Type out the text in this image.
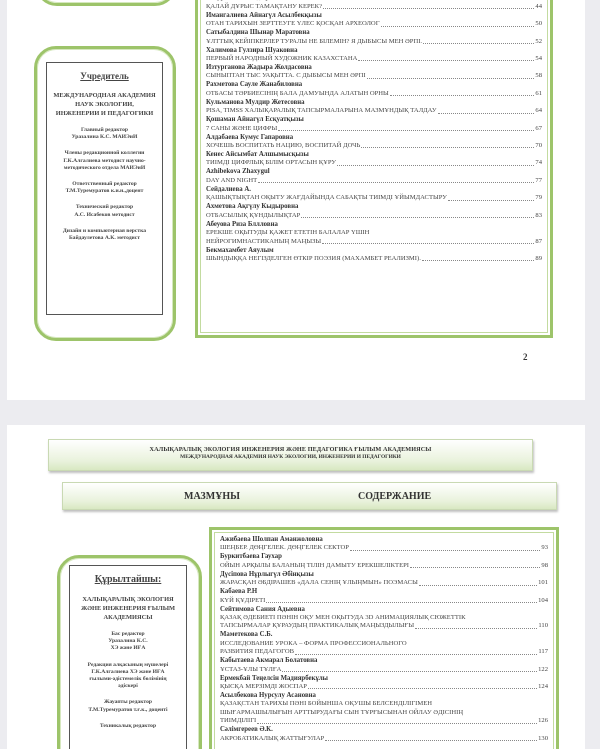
Учредитель
МЕЖДУНАРОДНАЯ АКАДЕМИЯ НАУК ЭКОЛОГИИ, ИНЖЕНЕРИИ И ПЕДАГОГИКИ
Главный редактор
Уразалина К.С. МАИЭиИ
Члены редакционной коллегии
Г.К.Алгалиева методист научно-
методического отдела МАИЭиИ
Ответственный редактор
Т.М.Туремуратов к.и.н.,доцент
Технический редактор
А.С. Исабеков методист
Дизайн и компьютерная верстка
Байдаулетова А.К. методист
ҚАЛАЙ ДҰРЫС ТАМАҚТАНУ КЕРЕК?	44
Имангалиева Айнагүл Асылбекқызы
ОТАН ТАРИХЫН ЗЕРТТЕУГЕ ҮЛЕС ҚОСҚАН АРХЕОЛОГ	50
Сатыбалдина Шынар Маратовна
ҰЛТТЫҚ КЕЙІПКЕРЛЕР ТУРАЛЫ НЕ БІЛЕМІН? Я ДЫБЫСЫ МЕН ӘРПІ.	52
Халимова Гулзира Шуаковна
ПЕРВЫЙ НАРОДНЫЙ ХУДОЖНИК КАЗАХСТАНА	54
Изтурганова Жадыра Жолдасовна
СЫНЫПТАН ТЫС УАҚЫТТА. С ДЫБЫСЫ МЕН ӘРПІ	58
Рахметова Сауле Жанабиловна
ОТБАСЫ ТӘРБИЕСІНІҢ БАЛА ДАМУЫНДА АЛАТЫН ОРНЫ	61
Кульманова Мулдир Жетесовна
PISA, TIMSS ХАЛЫҚАРАЛЫҚ ТАПСЫРМАЛАРЫНА МАЗМҰНДЫҚ ТАЛДАУ	64
Қошаман Айнагүл Есқуатқызы
7 САНЫ ЖӘНЕ ЦИФРЫ	67
Алдабаева Кумус Гапаровна
ХОЧЕШЬ ВОСПИТАТЬ НАЦИЮ, ВОСПИТАЙ ДОЧЬ	70
Кенес Айсымбат Алшымысқызы
ТИІМДІ ЦИФРЛЫҚ БІЛІМ ОРТАСЫН ҚҰРУ	74
Azhibekova Zhaxygul
DAY AND NIGHT	77
Сейдалиева А.
ҚАШЫҚТЫҚТАН ОҚЫТУ ЖАҒДАЙЫНДА САБАҚТЫ ТИІМДІ ҰЙЫМДАСТЫРУ	79
Ахметова Ақгүлу Кыдыровна
ОТБАСЫЛЫҚ ҚҰНДЫЛЫҚТАР	83
Абеуова Риза Бллловна
ЕРЕКШЕ ОҚЫТУДЫ ҚАЖЕТ ЕТЕТІН БАЛАЛАР ҮШІН
НЕЙРОГИМНАСТИКАНЫҢ МАҢЫЗЫ	87
Бекмахамбет Аяулым
ШЫНДЫҚҚА НЕГІЗДЕЛГЕН ӨТКІР ПОЭЗИЯ (МАХАМБЕТ РЕАЛИЗМІ).	89
2
ХАЛЫҚАРАЛЫҚ ЭКОЛОГИЯ ИНЖЕНЕРИЯ ЖӘНЕ ПЕДАГОГИКА ҒЫЛЫМ АКАДЕМИЯСЫ
МЕЖДУНАРОДНАЯ АКАДЕМИЯ НАУК ЭКОЛОГИИ, ИНЖЕНЕРИИ И ПЕДАГОГИКИ
МАЗМҰНЫ	СОДЕРЖАНИЕ
Құрылтайшы:
ХАЛЫҚАРАЛЫҚ ЭКОЛОГИЯ ЖӘНЕ ИНЖЕНЕРИЯ ҒЫЛЫМ АКАДЕМИЯСЫ
Бас редактор
Уразалина К.С.
ХЭ және ИҒА
Редакция алқасының мүшелері
Г.К.Алгалиева ХЭ және ИҒА
ғылыми-әдістемелік бөлімінің
әдіскері
Жауапты редактор
Т.М.Туремуратов т.ғ.к., доценті
Техникалық редактор
Ажибаева Шолпан Аманжоловна
ШЕҢБЕР. ДӨҢГЕЛЕК. ДӨҢГЕЛЕК СЕКТОР	93
Буркитбаева Гаухар
ОЙЫН АРҚЫЛЫ БАЛАНЫҢ ТІЛІН ДАМЫТУ ЕРЕКШЕЛІКТЕРІ	98
Дүсіпова Нұрлыгүл Әбінқызы
ЖАРАСҚАН ӘБДІРАШЕВ «ДАЛА СЕНІҢ ҰЛЫҢМЫН» ПОЭМАСЫ	101
Кабаева Р.Н
КҮЙ ҚҰДІРЕТІ	104
Сейтимова Сания Адыевна
ҚАЗАҚ ӘДЕБИЕТІ ПӘНІН ОҚУ МЕН ОҚЫТУДА 3D АНИМАЦИЯЛЫҚ СЮЖЕТТІК
ТАПСЫРМАЛАР ҚҰРАУДЫҢ ПРАКТИКАЛЫҚ МАҢЫЗДЫЛЫҒЫ	110
Маметекова С.Б.
ИССЛЕДОВАНИЕ УРОКА – ФОРМА ПРОФЕССИОНАЛЬНОГО
РАЗВИТИЯ ПЕДАГОГОВ	117
Кабытаева Акмарал Болатовна
ҰСТАЗ-ҰЛЫ ТҰЛҒА	122
Ермекбай Теңелсін Мадиярбекұлы
ҚЫСҚА МЕРЗІМДІ ЖОСПАР	124
Асылбекова Нурсулу Асановна
ҚАЗАҚСТАН ТАРИХЫ ПӘНІ БОЙЫНША ОҚУШЫ БЕЛСЕНДІЛІГІМЕН
ШЫҒАРМАШЫЛЫҒЫН АРТТЫРУДАҒЫ СЫН ТҰРҒЫСЫНАН ОЙЛАУ ӘДІСІНІҢ
ТИІМДІЛІГІ	126
Сәлімгереев Ә.К.
АКРОБАТИКАЛЫҚ ЖАТТЫҒУЛАР	130
